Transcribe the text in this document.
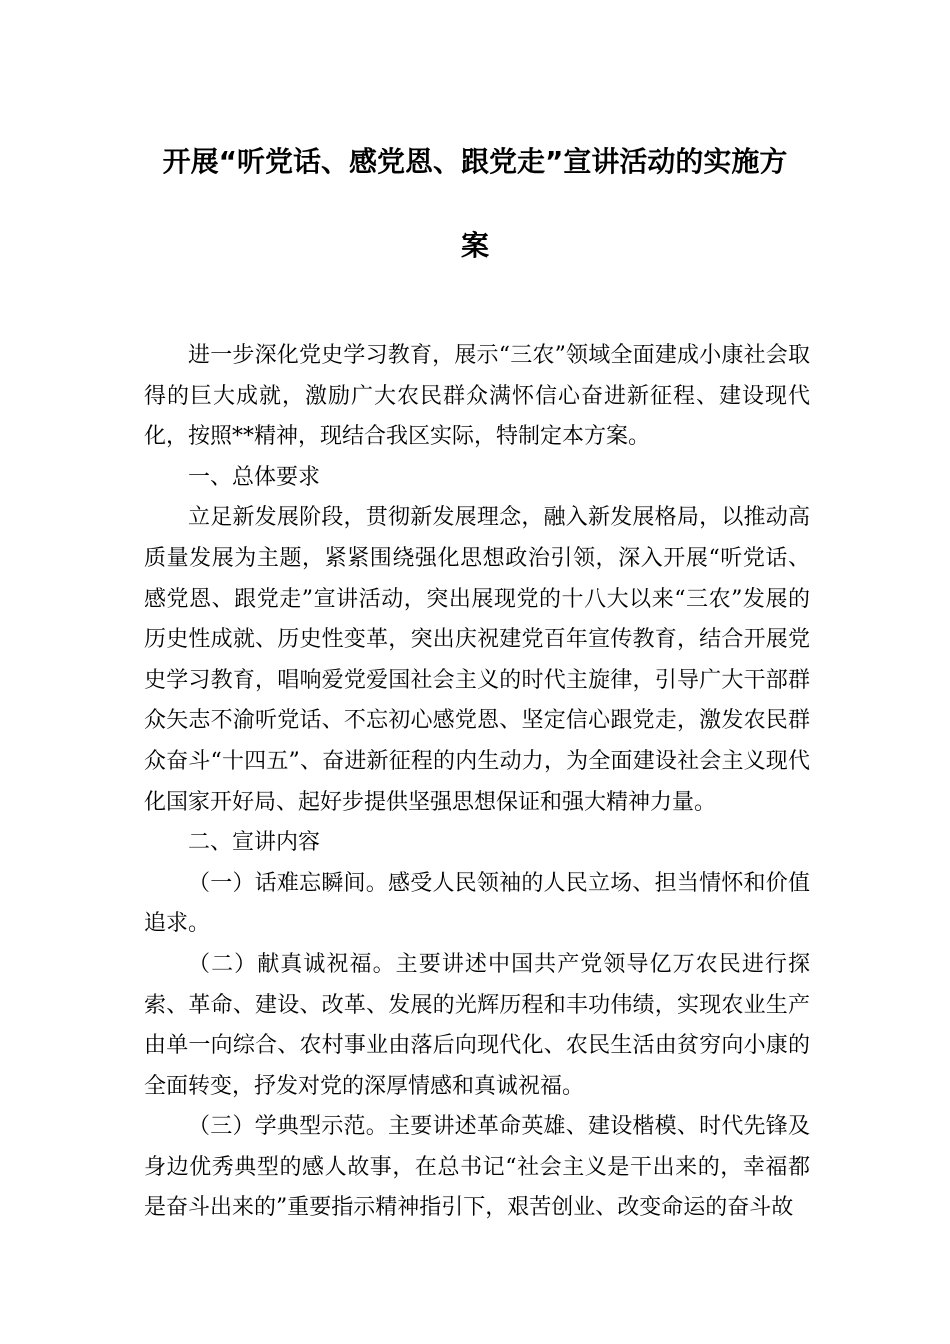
开展“听党话、感党恩、跟党走”宣讲活动的实施方
案

进一步深化党史学习教育，展示“三农”领域全面建成小康社会取得的巨大成就，激励广大农民群众满怀信心奋进新征程、建设现代化，按照**精神，现结合我区实际，特制定本方案。

一、总体要求

立足新发展阶段，贯彻新发展理念，融入新发展格局，以推动高质量发展为主题，紧紧围绕强化思想政治引领，深入开展“听党话、感党恩、跟党走”宣讲活动，突出展现党的十八大以来“三农”发展的历史性成就、历史性变革，突出庆祝建党百年宣传教育，结合开展党史学习教育，唱响爱党爱国社会主义的时代主旋律，引导广大干部群众矢志不渝听党话、不忘初心感党恩、坚定信心跟党走，激发农民群众奋斗“十四五”、奋进新征程的内生动力，为全面建设社会主义现代化国家开好局、起好步提供坚强思想保证和强大精神力量。

二、宣讲内容

（一）话难忘瞬间。感受人民领袖的人民立场、担当情怀和价值追求。

（二）献真诚祝福。主要讲述中国共产党领导亿万农民进行探索、革命、建设、改革、发展的光辉历程和丰功伟绩，实现农业生产由单一向综合、农村事业由落后向现代化、农民生活由贫穷向小康的全面转变，抒发对党的深厚情感和真诚祝福。

（三）学典型示范。主要讲述革命英雄、建设楷模、时代先锋及身边优秀典型的感人故事，在总书记“社会主义是干出来的，幸福都是奋斗出来的”重要指示精神指引下，艰苦创业、改变命运的奋斗故
